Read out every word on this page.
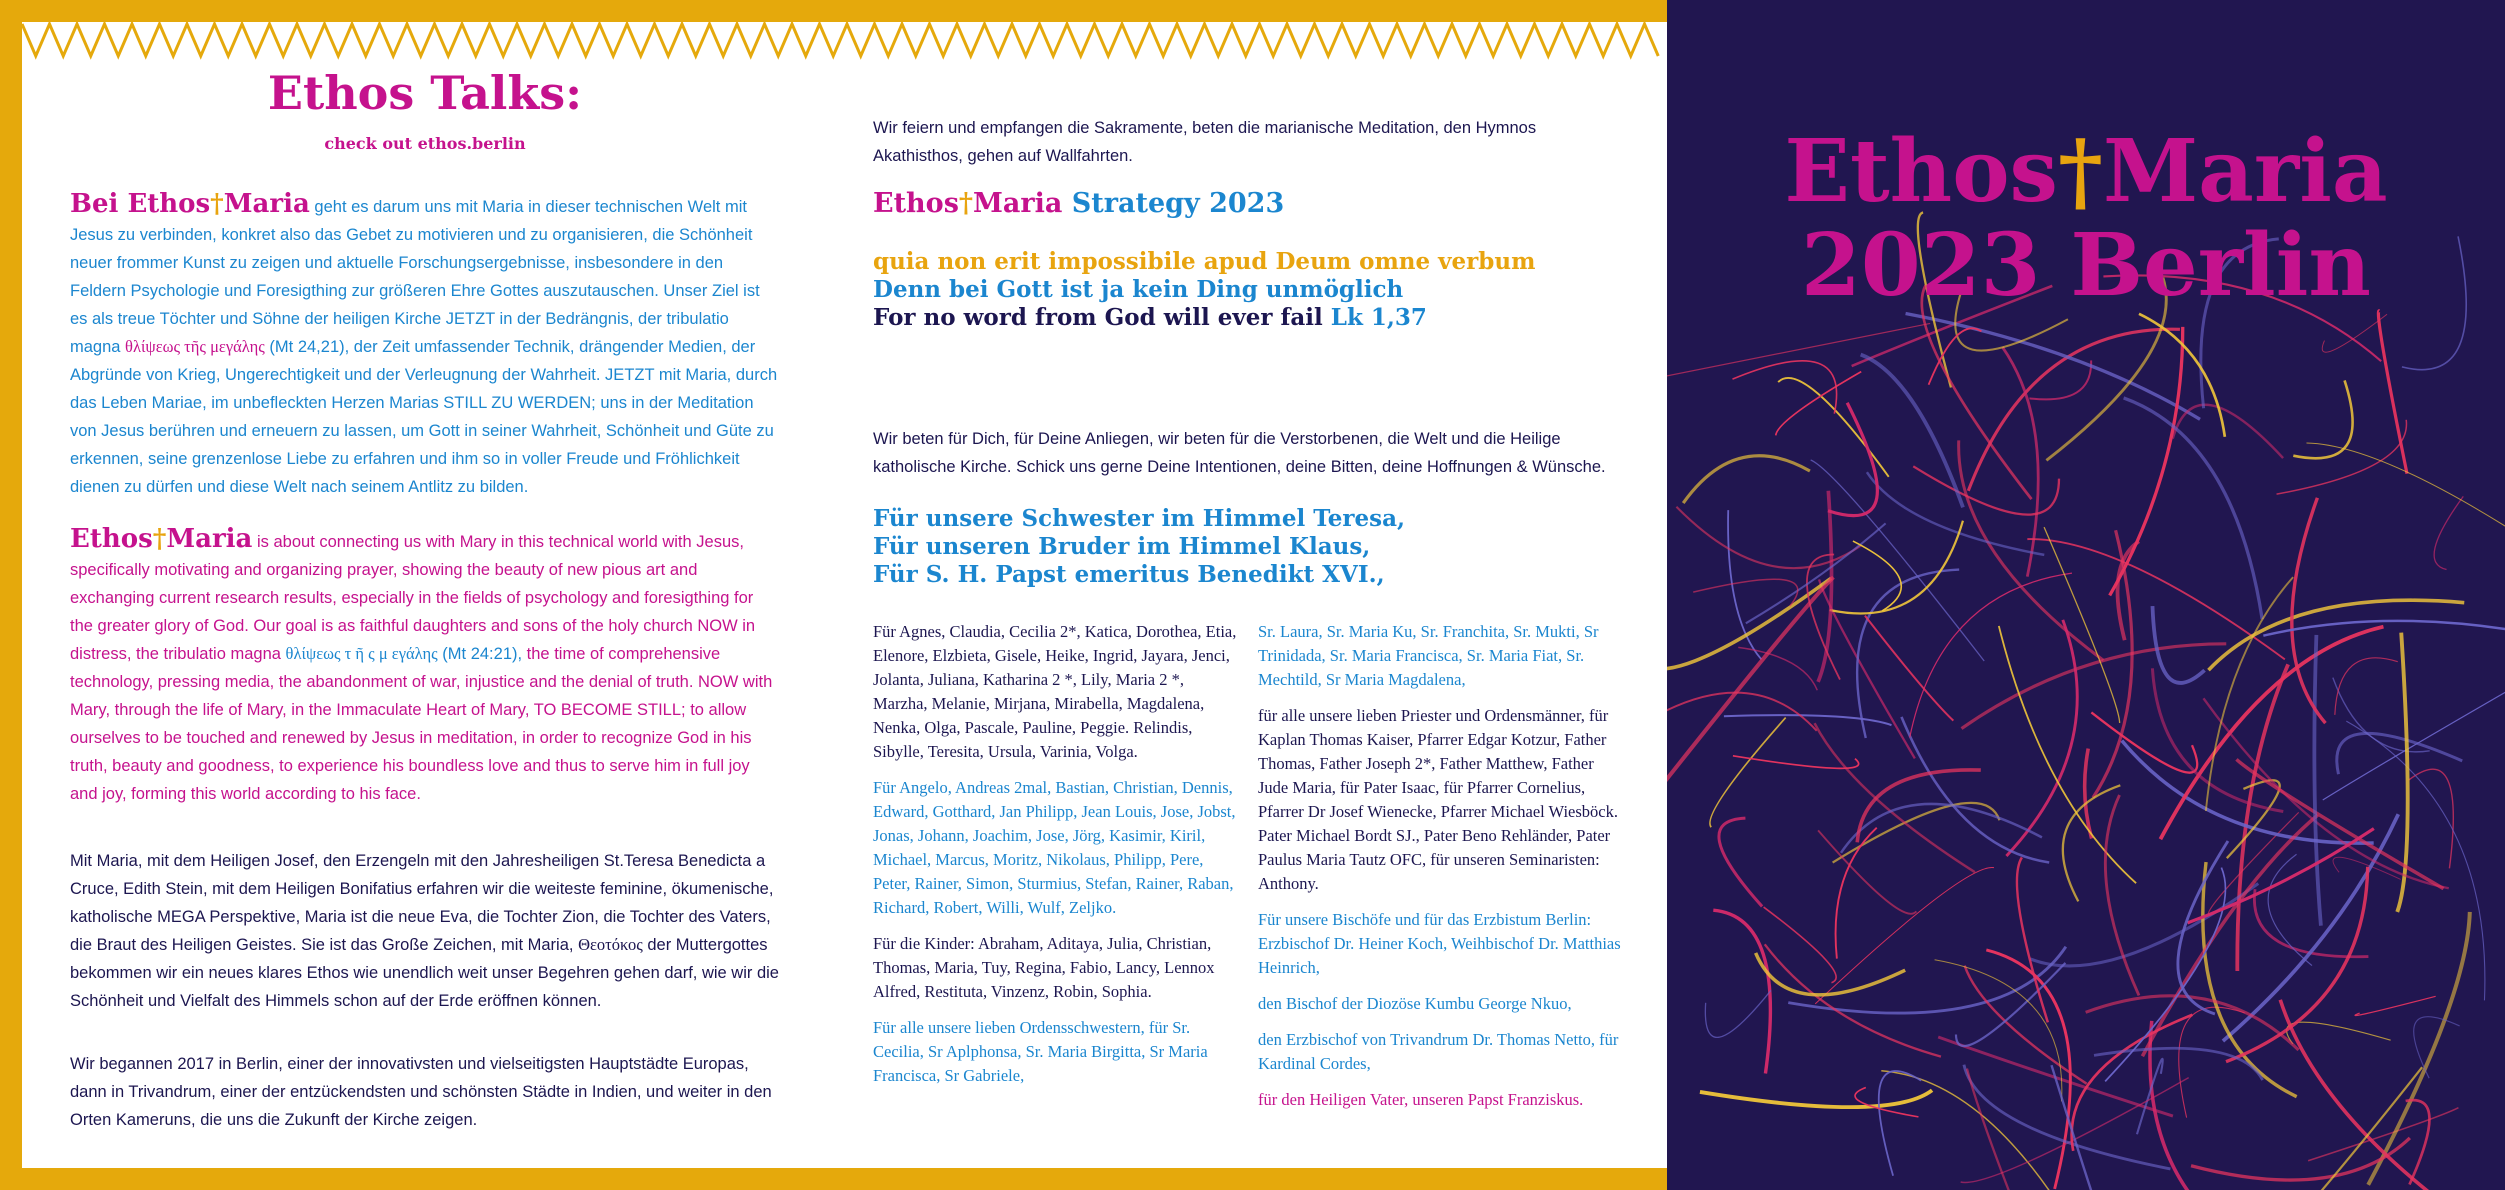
Ethos Talks:
check out ethos.berlin
Bei Ethos†Maria geht es darum uns mit Maria in dieser technischen Welt mit Jesus zu verbinden, konkret also das Gebet zu motivieren und zu organisieren, die Schönheit neuer frommer Kunst zu zeigen und aktuelle Forschungsergebnisse, insbesondere in den Feldern Psychologie und Foresigthing zur größeren Ehre Gottes auszutauschen. Unser Ziel ist es als treue Töchter und Söhne der heiligen Kirche JETZT in der Bedrängnis, der tribulatio magna θλίψεως τῆς μεγάλης (Mt 24,21), der Zeit umfassender Technik, drängender Medien, der Abgründe von Krieg, Ungerechtigkeit und der Verleugnung der Wahrheit. JETZT mit Maria, durch das Leben Mariae, im unbefleckten Herzen Marias STILL ZU WERDEN; uns in der Meditation von Jesus berühren und erneuern zu lassen, um Gott in seiner Wahrheit, Schönheit und Güte zu erkennen, seine grenzenlose Liebe zu erfahren und ihm so in voller Freude und Fröhlichkeit dienen zu dürfen und diese Welt nach seinem Antlitz zu bilden.
Ethos†Maria is about connecting us with Mary in this technical world with Jesus, specifically motivating and organizing prayer, showing the beauty of new pious art and exchanging current research results, especially in the fields of psychology and foresigthing for the greater glory of God. Our goal is as faithful daughters and sons of the holy church NOW in distress, the tribulatio magna θλίψεως τ ῆ ς μ εγάλης (Mt 24:21), the time of comprehensive technology, pressing media, the abandonment of war, injustice and the denial of truth. NOW with Mary, through the life of Mary, in the Immaculate Heart of Mary, TO BECOME STILL; to allow ourselves to be touched and renewed by Jesus in meditation, in order to recognize God in his truth, beauty and goodness, to experience his boundless love and thus to serve him in full joy and joy, forming this world according to his face.
Mit Maria, mit dem Heiligen Josef, den Erzengeln mit den Jahresheiligen St.Teresa Benedicta a Cruce, Edith Stein, mit dem Heiligen Bonifatius erfahren wir die weiteste feminine, ökumenische, katholische MEGA Perspektive, Maria ist die neue Eva, die Tochter Zion, die Tochter des Vaters, die Braut des Heiligen Geistes. Sie ist das Große Zeichen, mit Maria, Θεοτόκος der Muttergottes bekommen wir ein neues klares Ethos wie unendlich weit unser Begehren gehen darf, wie wir die Schönheit und Vielfalt des Himmels schon auf der Erde eröffnen können.
Wir begannen 2017 in Berlin, einer der innovativsten und vielseitigsten Hauptstädte Europas, dann in Trivandrum, einer der entzückendsten und schönsten Städte in Indien, und weiter in den Orten Kameruns, die uns die Zukunft der Kirche zeigen.
Wir feiern und empfangen die Sakramente, beten die marianische Meditation, den Hymnos Akathisthos, gehen auf Wallfahrten.
Ethos†Maria Strategy 2023
quia non erit impossibile apud Deum omne verbum
Denn bei Gott ist ja kein Ding unmöglich
For no word from God will ever fail Lk 1,37
Wir beten für Dich, für Deine Anliegen, wir beten für die Verstorbenen, die Welt und die Heilige katholische Kirche. Schick uns gerne Deine Intentionen, deine Bitten, deine Hoffnungen & Wünsche.
Für unsere Schwester im Himmel Teresa,
Für unseren Bruder im Himmel Klaus,
Für S. H. Papst emeritus Benedikt XVI.,

Für Agnes, Claudia, Cecilia 2*, Katica, Dorothea, Etia, Elenore, Elzbieta, Gisele, Heike, Ingrid, Jayara, Jenci, Jolanta, Juliana, Katharina 2 *, Lily, Maria 2 *, Marzha, Melanie, Mirjana, Mirabella, Magdalena, Nenka, Olga, Pascale, Pauline, Peggie. Relindis, Sibylle, Teresita, Ursula, Varinia, Volga.

Für Angelo, Andreas 2mal, Bastian, Christian, Dennis, Edward, Gotthard, Jan Philipp, Jean Louis, Jose, Jobst, Jonas, Johann, Joachim, Jose, Jörg, Kasimir, Kiril, Michael, Marcus, Moritz, Nikolaus, Philipp, Pere, Peter, Rainer, Simon, Sturmius, Stefan, Rainer, Raban, Richard, Robert, Willi, Wulf, Zeljko.

Für die Kinder: Abraham, Aditaya, Julia, Christian, Thomas, Maria, Tuy, Regina, Fabio, Lancy, Lennox Alfred, Restituta, Vinzenz, Robin, Sophia.

Für alle unsere lieben Ordensschwestern, für Sr. Cecilia, Sr Aplphonsa, Sr. Maria Birgitta, Sr Maria Francisca, Sr Gabriele,

Sr. Laura, Sr. Maria Ku, Sr. Franchita, Sr. Mukti, Sr Trinidada, Sr. Maria Francisca, Sr. Maria Fiat, Sr. Mechtild, Sr Maria Magdalena,

für alle unsere lieben Priester und Ordensmänner, für Kaplan Thomas Kaiser, Pfarrer Edgar Kotzur, Father Thomas, Father Joseph 2*, Father Matthew, Father Jude Maria, für Pater Isaac, für Pfarrer Cornelius, Pfarrer Dr Josef Wienecke, Pfarrer Michael Wiesböck. Pater Michael Bordt SJ., Pater Beno Rehländer, Pater Paulus Maria Tautz OFC, für unseren Seminaristen: Anthony.

Für unsere Bischöfe und für das Erzbistum Berlin: Erzbischof Dr. Heiner Koch, Weihbischof Dr. Matthias Heinrich,

den Bischof der Diozöse Kumbu George Nkuo,

den Erzbischof von Trivandrum Dr. Thomas Netto, für Kardinal Cordes,

für den Heiligen Vater, unseren Papst Franziskus.

Ethos†Maria
2023 Berlin
